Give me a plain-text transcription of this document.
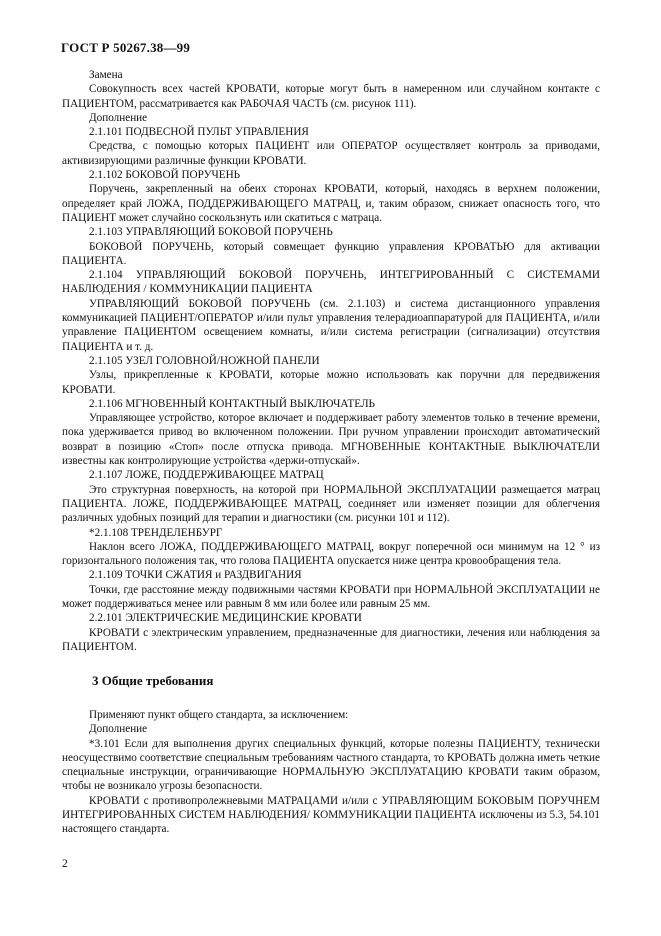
ГОСТ Р 50267.38—99

Замена

Совокупность всех частей КРОВАТИ, которые могут быть в намеренном или случайном контакте с ПАЦИЕНТОМ, рассматривается как РАБОЧАЯ ЧАСТЬ (см. рисунок 111).

Дополнение

2.1.101 ПОДВЕСНОЙ ПУЛЬТ УПРАВЛЕНИЯ

Средства, с помощью которых ПАЦИЕНТ или ОПЕРАТОР осуществляет контроль за приводами, активизирующими различные функции КРОВАТИ.

2.1.102 БОКОВОЙ ПОРУЧЕНЬ

Поручень, закрепленный на обеих сторонах КРОВАТИ, который, находясь в верхнем положении, определяет край ЛОЖА, ПОДДЕРЖИВАЮЩЕГО МАТРАЦ, и, таким образом, снижает опасность того, что ПАЦИЕНТ может случайно соскользнуть или скатиться с матраца.

2.1.103 УПРАВЛЯЮЩИЙ БОКОВОЙ ПОРУЧЕНЬ

БОКОВОЙ ПОРУЧЕНЬ, который совмещает функцию управления КРОВАТЬЮ для активации ПАЦИЕНТА.

2.1.104 УПРАВЛЯЮЩИЙ БОКОВОЙ ПОРУЧЕНЬ, ИНТЕГРИРОВАННЫЙ С СИСТЕМАМИ НАБЛЮДЕНИЯ / КОММУНИКАЦИИ ПАЦИЕНТА

УПРАВЛЯЮЩИЙ БОКОВОЙ ПОРУЧЕНЬ (см. 2.1.103) и система дистанционного управления коммуникацией ПАЦИЕНТ/ОПЕРАТОР и/или пульт управления телерадиоаппаратурой для ПАЦИЕНТА, и/или управление ПАЦИЕНТОМ освещением комнаты, и/или система регистрации (сигнализации) отсутствия ПАЦИЕНТА и т. д.

2.1.105 УЗЕЛ ГОЛОВНОЙ/НОЖНОЙ ПАНЕЛИ

Узлы, прикрепленные к КРОВАТИ, которые можно использовать как поручни для передвижения КРОВАТИ.

2.1.106 МГНОВЕННЫЙ КОНТАКТНЫЙ ВЫКЛЮЧАТЕЛЬ

Управляющее устройство, которое включает и поддерживает работу элементов только в течение времени, пока удерживается привод во включенном положении. При ручном управлении происходит автоматический возврат в позицию «Стоп» после отпуска привода. МГНОВЕННЫЕ КОНТАКТНЫЕ ВЫКЛЮЧАТЕЛИ известны как контролирующие устройства «держи-отпускай».

2.1.107 ЛОЖЕ, ПОДДЕРЖИВАЮЩЕЕ МАТРАЦ

Это структурная поверхность, на которой при НОРМАЛЬНОЙ ЭКСПЛУАТАЦИИ размещается матрац ПАЦИЕНТА. ЛОЖЕ, ПОДДЕРЖИВАЮЩЕЕ МАТРАЦ, соединяет или изменяет позиции для облегчения различных удобных позиций для терапии и диагностики (см. рисунки 101 и 112).

*2.1.108 ТРЕНДЕЛЕНБУРГ

Наклон всего ЛОЖА, ПОДДЕРЖИВАЮЩЕГО МАТРАЦ, вокруг поперечной оси минимум на 12 ° из горизонтального положения так, что голова ПАЦИЕНТА опускается ниже центра кровообращения тела.

2.1.109 ТОЧКИ СЖАТИЯ и РАЗДВИГАНИЯ

Точки, где расстояние между подвижными частями КРОВАТИ при НОРМАЛЬНОЙ ЭКСПЛУАТАЦИИ не может поддерживаться менее или равным 8 мм или более или равным 25 мм.

2.2.101 ЭЛЕКТРИЧЕСКИЕ МЕДИЦИНСКИЕ КРОВАТИ

КРОВАТИ с электрическим управлением, предназначенные для диагностики, лечения или наблюдения за ПАЦИЕНТОМ.

3 Общие требования

Применяют пункт общего стандарта, за исключением:

Дополнение

*3.101 Если для выполнения других специальных функций, которые полезны ПАЦИЕНТУ, технически неосуществимо соответствие специальным требованиям частного стандарта, то КРОВАТЬ должна иметь четкие специальные инструкции, ограничивающие НОРМАЛЬНУЮ ЭКСПЛУАТАЦИЮ КРОВАТИ таким образом, чтобы не возникало угрозы безопасности.

КРОВАТИ с противопролежневыми МАТРАЦАМИ и/или с УПРАВЛЯЮЩИМ БОКОВЫМ ПОРУЧНЕМ ИНТЕГРИРОВАННЫХ СИСТЕМ НАБЛЮДЕНИЯ/ КОММУНИКАЦИИ ПАЦИЕНТА исключены из 5.3, 54.101 настоящего стандарта.

2
